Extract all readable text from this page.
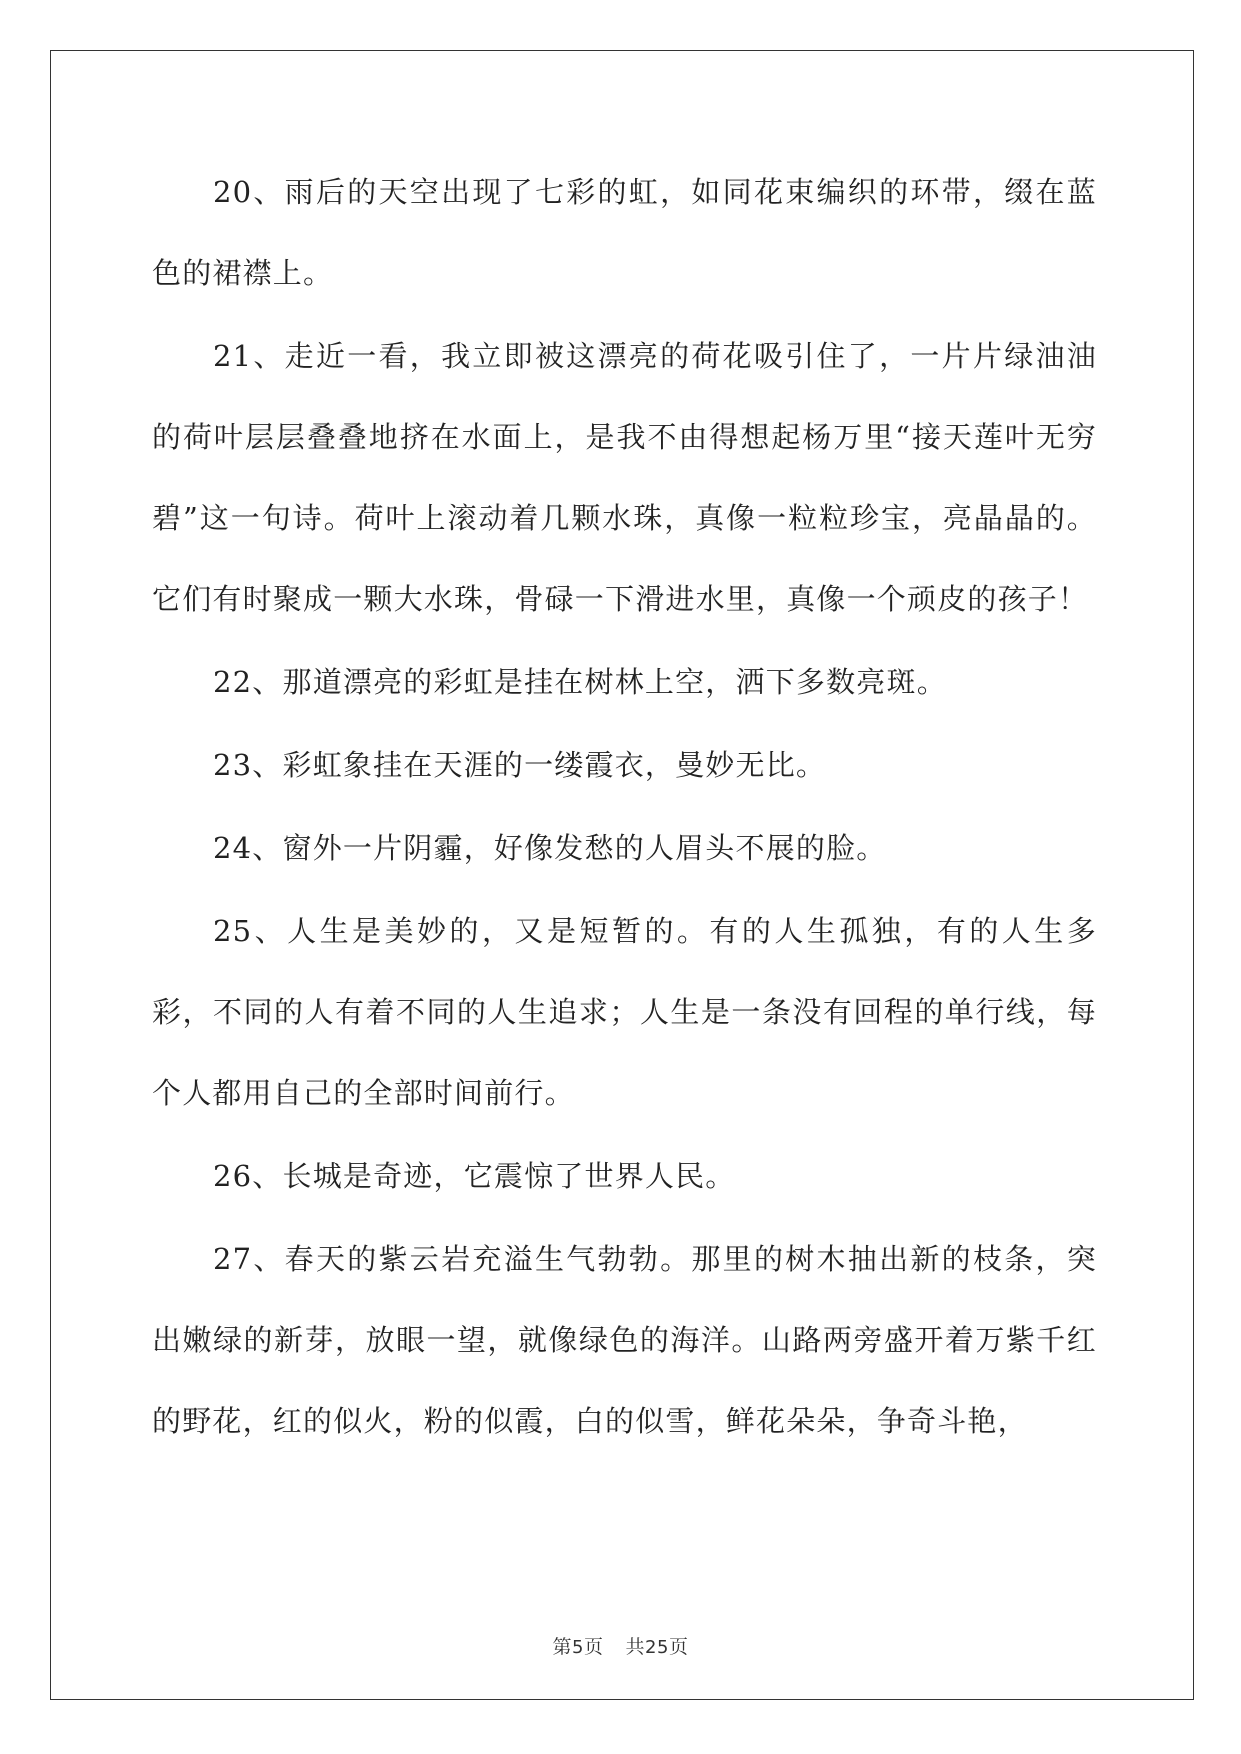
20、雨后的天空出现了七彩的虹，如同花束编织的环带，缀在蓝色的裙襟上。

21、走近一看，我立即被这漂亮的荷花吸引住了，一片片绿油油的荷叶层层叠叠地挤在水面上，是我不由得想起杨万里“接天莲叶无穷碧”这一句诗。荷叶上滚动着几颗水珠，真像一粒粒珍宝，亮晶晶的。它们有时聚成一颗大水珠，骨碌一下滑进水里，真像一个顽皮的孩子！

22、那道漂亮的彩虹是挂在树林上空，洒下多数亮斑。

23、彩虹象挂在天涯的一缕霞衣，曼妙无比。

24、窗外一片阴霾，好像发愁的人眉头不展的脸。

25、人生是美妙的，又是短暂的。有的人生孤独，有的人生多彩，不同的人有着不同的人生追求；人生是一条没有回程的单行线，每个人都用自己的全部时间前行。

26、长城是奇迹，它震惊了世界人民。

27、春天的紫云岩充溢生气勃勃。那里的树木抽出新的枝条，突出嫩绿的新芽，放眼一望，就像绿色的海洋。山路两旁盛开着万紫千红的野花，红的似火，粉的似霞，白的似雪，鲜花朵朵，争奇斗艳，

第5页 共25页
